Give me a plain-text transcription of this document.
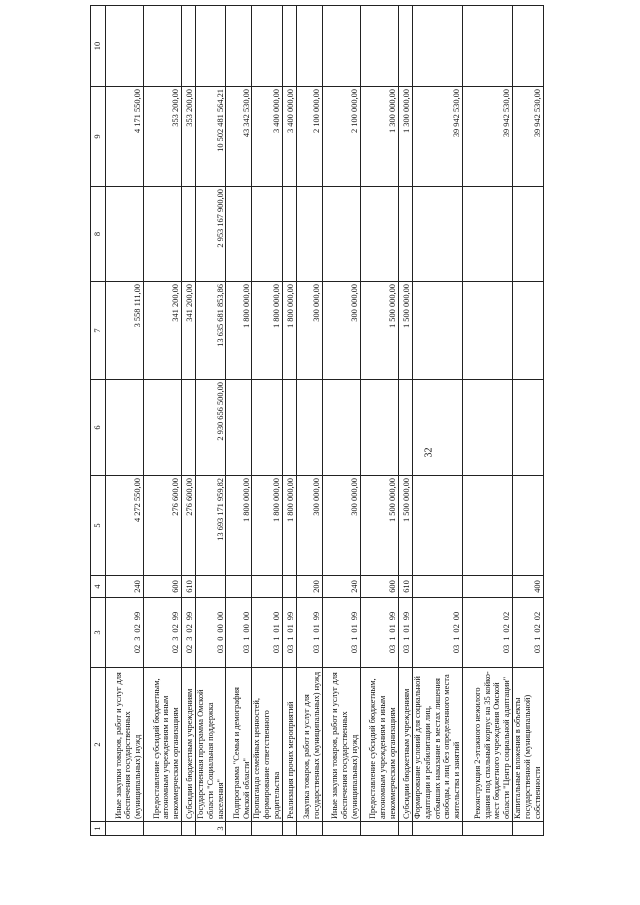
32
1	2	3	4	5	6	7	8	9	10
	Иные закупки товаров, работ и услуг для обеспечения государственных (муниципальных) нужд	0230299	240	4 272 550,00		3 558 111,00		4 171 550,00	
	Предоставление субсидий бюджетным, автономным учреждениям и иным некоммерческим организациям	0230299	600	276 600,00		341 200,00		353 200,00	
	Субсидии бюджетным учреждениям	0230299	610	276 600,00		341 200,00		353 200,00	
3	Государственная программа Омской области "Социальная поддержка населения"	0300000		13 693 171 959,82	2 930 656 500,00	13 635 681 853,86	2 953 167 900,00	10 502 481 564,21	
	Подпрограмма "Семья и демография Омской области"	0310000		1 800 000,00		1 800 000,00		43 342 530,00	
	Пропаганда семейных ценностей, формирование ответственного родительства	0310100		1 800 000,00		1 800 000,00		3 400 000,00	
	Реализация прочих мероприятий	0310199		1 800 000,00		1 800 000,00		3 400 000,00	
	Закупка товаров, работ и услуг для государственных (муниципальных) нужд	0310199	200	300 000,00		300 000,00		2 100 000,00	
	Иные закупки товаров, работ и услуг для обеспечения государственных (муниципальных) нужд	0310199	240	300 000,00		300 000,00		2 100 000,00	
	Предоставление субсидий бюджетным, автономным учреждениям и иным некоммерческим организациям	0310199	600	1 500 000,00		1 500 000,00		1 300 000,00	
	Субсидии бюджетным учреждениям	0310199	610	1 500 000,00		1 500 000,00		1 300 000,00	
	Формирование условий для социальной адаптации и реабилитации лиц, отбывших наказание в местах лишения свободы, и лиц без определенного места жительства и занятий	0310200						39 942 530,00	
	Реконструкция 2-этажного нежилого здания под спальный корпус на 35 койко-мест бюджетного учреждения Омской области "Центр социальной адаптации"	0310202						39 942 530,00	
	Капитальные вложения в объекты государственной (муниципальной) собственности	0310202	400					39 942 530,00	
